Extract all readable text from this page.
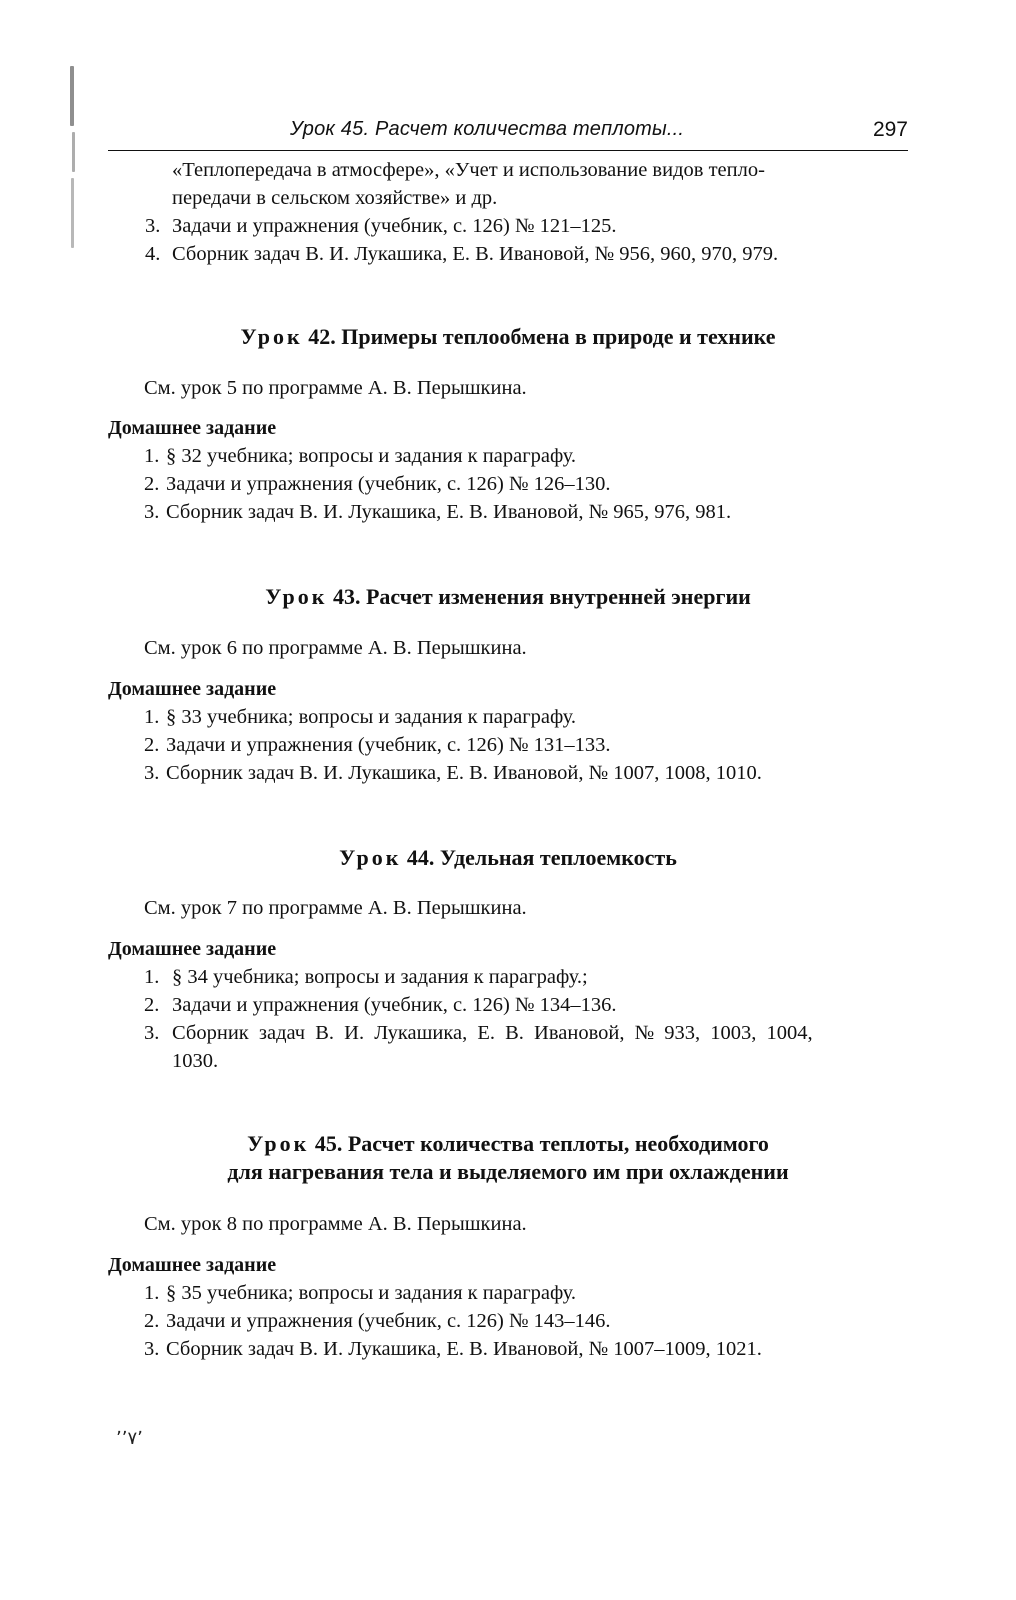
Урок 45. Расчет количества теплоты...	297
«Теплопередача в атмосфере», «Учет и использование видов тепло-
передачи в сельском хозяйстве» и др.
3. Задачи и упражнения (учебник, с. 126) № 121–125.
4. Сборник задач В. И. Лукашика, Е. В. Ивановой, № 956, 960, 970, 979.
Урок 42. Примеры теплообмена в природе и технике
См. урок 5 по программе А. В. Перышкина.
Домашнее задание
1. § 32 учебника; вопросы и задания к параграфу.
2. Задачи и упражнения (учебник, с. 126) № 126–130.
3. Сборник задач В. И. Лукашика, Е. В. Ивановой, № 965, 976, 981.
Урок 43. Расчет изменения внутренней энергии
См. урок 6 по программе А. В. Перышкина.
Домашнее задание
1. § 33 учебника; вопросы и задания к параграфу.
2. Задачи и упражнения (учебник, с. 126) № 131–133.
3. Сборник задач В. И. Лукашика, Е. В. Ивановой, № 1007, 1008, 1010.
Урок 44. Удельная теплоемкость
См. урок 7 по программе А. В. Перышкина.
Домашнее задание
1. § 34 учебника; вопросы и задания к параграфу.;
2. Задачи и упражнения (учебник, с. 126) № 134–136.
3. Сборник задач В. И. Лукашика, Е. В. Ивановой, № 933, 1003, 1004,
1030.
Урок 45. Расчет количества теплоты, необходимого
для нагревания тела и выделяемого им при охлаждении
См. урок 8 по программе А. В. Перышкина.
Домашнее задание
1. § 35 учебника; вопросы и задания к параграфу.
2. Задачи и упражнения (учебник, с. 126) № 143–146.
3. Сборник задач В. И. Лукашика, Е. В. Ивановой, № 1007–1009, 1021.
٬٬٧٬
